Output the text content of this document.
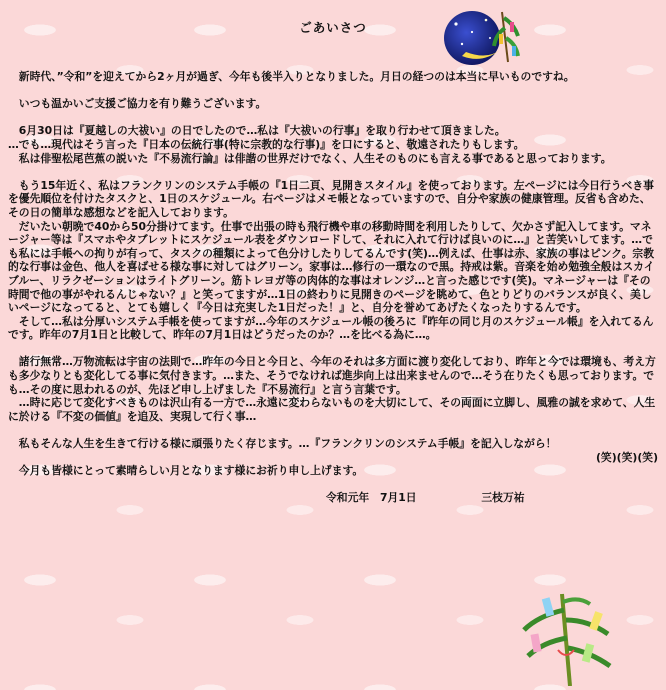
ごあいさつ

　新時代、”令和”を迎えてから2ヶ月が過ぎ、今年も後半入りとなりました。月日の経つのは本当に早いものですね。

　いつも温かいご支援ご協力を有り難うございます。

　6月30日は『夏越しの大祓い』の日でしたので…私は『大祓いの行事』を取り行わせて頂きました。
…でも…現代はそう言った『日本の伝統行事(特に宗教的な行事)』を口にすると、敬遠されたりもします。
　私は俳聖松尾芭蕉の説いた『不易流行論』は俳諧の世界だけでなく、人生そのものにも言える事であると思っております。

　もう15年近く、私はフランクリンのシステム手帳の『1日二頁、見開きスタイル』を使っております。左ページには今日行うべき事を優先順位を付けたタスクと、1日のスケジュール。右ページはメモ帳となっていますので、自分や家族の健康管理。反省も含めた、その日の簡単な感想などを記入しております。
　だいたい朝晩で40から50分掛けてます。仕事で出張の時も飛行機や車の移動時間を利用したりして、欠かさず記入してます。マネージャー等は『スマホやタブレットにスケジュール表をダウンロードして、それに入れて行けば良いのに…』と苦笑いしてます。…でも私には手帳への拘りが有って、タスクの種類によって色分けしたりしてるんです(笑)…例えば、仕事は赤、家族の事はピンク。宗教的な行事は金色、他人を喜ばせる様な事に対してはグリーン。家事は…修行の一環なので黒。持戒は紫。音楽を始め勉強全般はスカイブルー、リラクゼーションはライトグリーン。筋トレヨガ等の肉体的な事はオレンジ…と言った感じです(笑)。マネージャーは『その時間で他の事がやれるんじゃない？』と笑ってますが…1日の終わりに見開きのページを眺めて、色とりどりのバランスが良く、美しいページになってると、とても嬉しく『今日は充実した1日だった！』と、自分を誉めてあげたくなったりするんです。
　そして…私は分厚いシステム手帳を使ってますが…今年のスケジュール帳の後ろに『昨年の同じ月のスケジュール帳』を入れてるんです。昨年の7月1日と比較して、昨年の7月1日はどうだったのか？…を比べる為に…。

　諸行無常…万物流転は宇宙の法則で…昨年の今日と今日と、今年のそれは多方面に渡り変化しており、昨年と今では環境も、考え方も多少なりとも変化してる事に気付きます。…また、そうでなければ進歩向上は出来ませんので…そう在りたくも思っております。でも…その度に思われるのが、先ほど申し上げました『不易流行』と言う言葉です。
　…時に応じて変化すべきものは沢山有る一方で…永遠に変わらないものを大切にして、その両面に立脚し、風雅の誠を求めて、人生に於ける『不変の価値』を追及、実現して行く事…

　私もそんな人生を生きて行ける様に頑張りたく存じます。…『フランクリンのシステム手帳』を記入しながら！

(笑)(笑)(笑)

　今月も皆様にとって素晴らしい月となります様にお祈り申し上げます。

令和元年　7月1日　　　　　　	三枝万祐
